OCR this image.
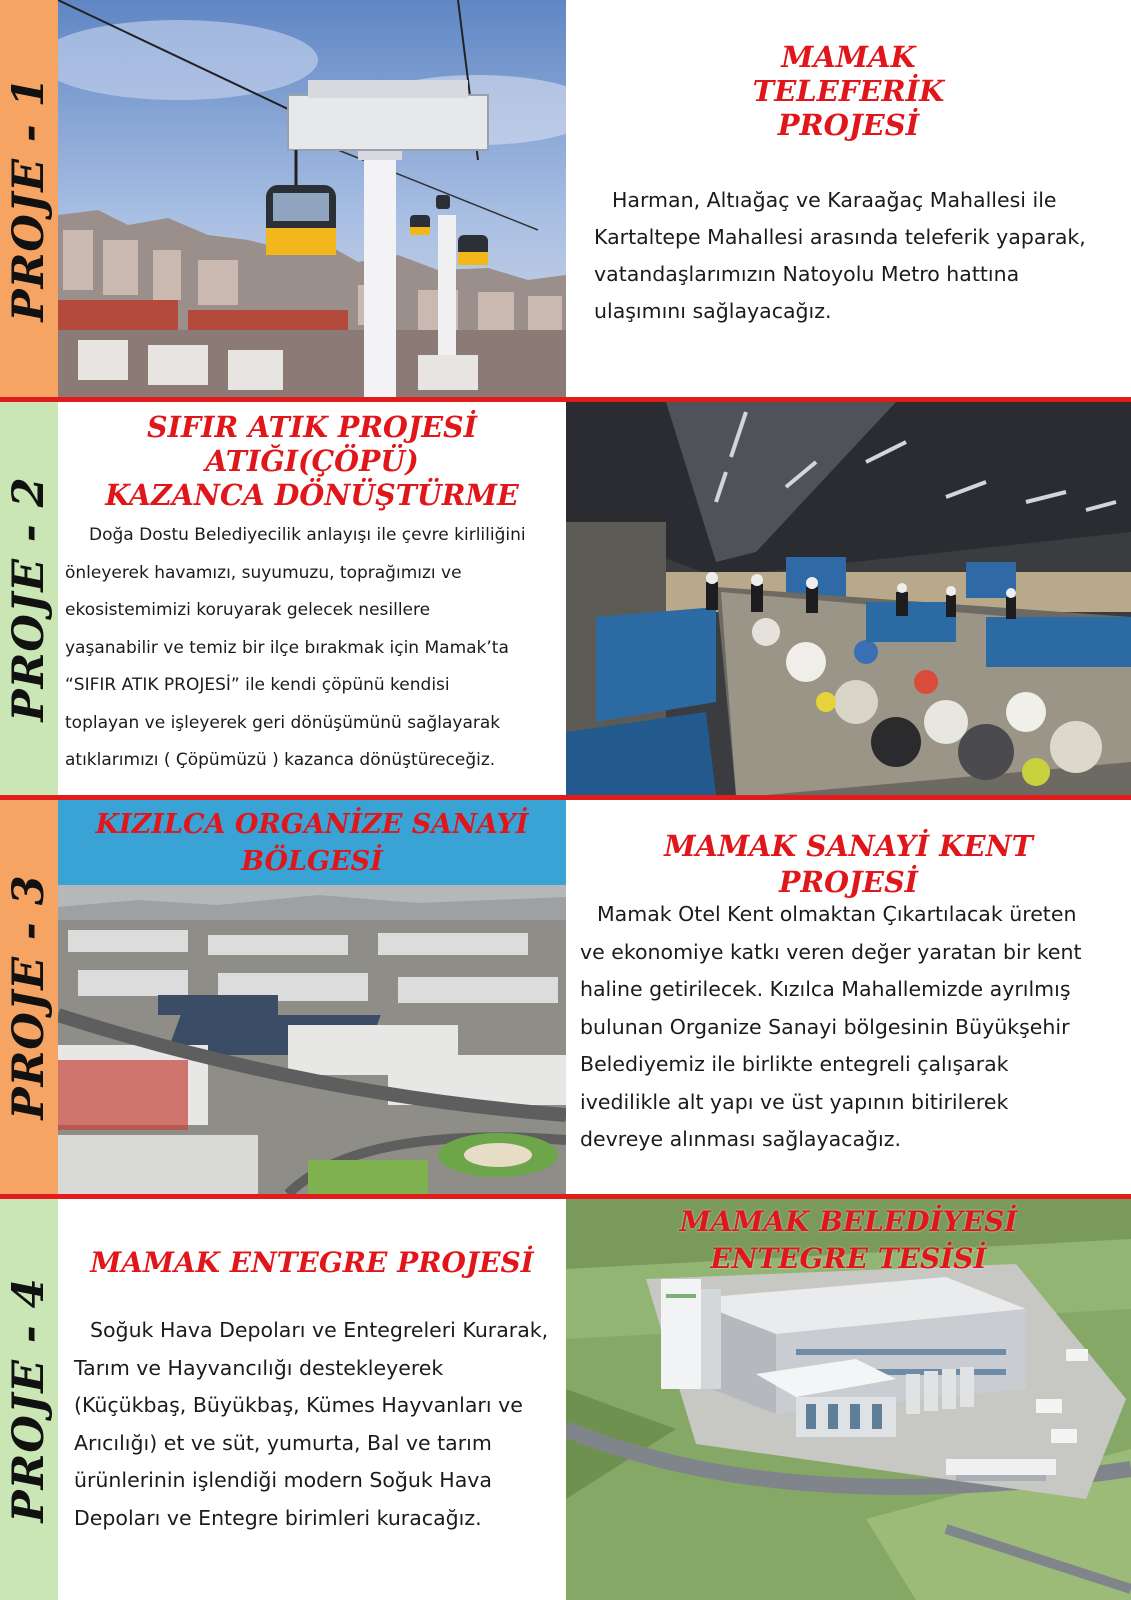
PROJE - 1
MAMAK
TELEFERİK
PROJESİ

Harman, Altıağaç ve Karaağaç Mahallesi ile

Kartaltepe Mahallesi arasında teleferik yaparak,

vatandaşlarımızın Natoyolu Metro hattına

ulaşımını sağlayacağız.

PROJE - 2
SIFIR ATIK PROJESİ
ATIĞI(ÇÖPÜ)
KAZANCA DÖNÜŞTÜRME

Doğa Dostu Belediyecilik anlayışı ile çevre kirliliğini

önleyerek havamızı, suyumuzu, toprağımızı ve

ekosistemimizi koruyarak gelecek nesillere

yaşanabilir ve temiz bir ilçe bırakmak için Mamak’ta

“SIFIR ATIK PROJESİ” ile kendi çöpünü kendisi

toplayan ve işleyerek geri dönüşümünü sağlayarak

atıklarımızı ( Çöpümüzü ) kazanca dönüştüreceğiz.

PROJE - 3
KIZILCA ORGANİZE SANAYİ
BÖLGESİ	MAMAK SANAYİ KENT
PROJESİ

Mamak Otel Kent olmaktan Çıkartılacak üreten

ve ekonomiye katkı veren değer yaratan bir kent

haline getirilecek. Kızılca Mahallemizde ayrılmış

bulunan Organize Sanayi bölgesinin Büyükşehir

Belediyemiz ile birlikte entegreli çalışarak

ivedilikle alt yapı ve üst yapının bitirilerek

devreye alınması sağlayacağız.

PROJE - 4
MAMAK ENTEGRE PROJESİ

Soğuk Hava Depoları ve Entegreleri Kurarak,

Tarım ve Hayvancılığı destekleyerek

(Küçükbaş, Büyükbaş, Kümes Hayvanları ve

Arıcılığı) et ve süt, yumurta, Bal ve tarım

ürünlerinin işlendiği modern Soğuk Hava

Depoları ve Entegre birimleri kuracağız.

MAMAK BELEDİYESİ
ENTEGRE TESİSİ
